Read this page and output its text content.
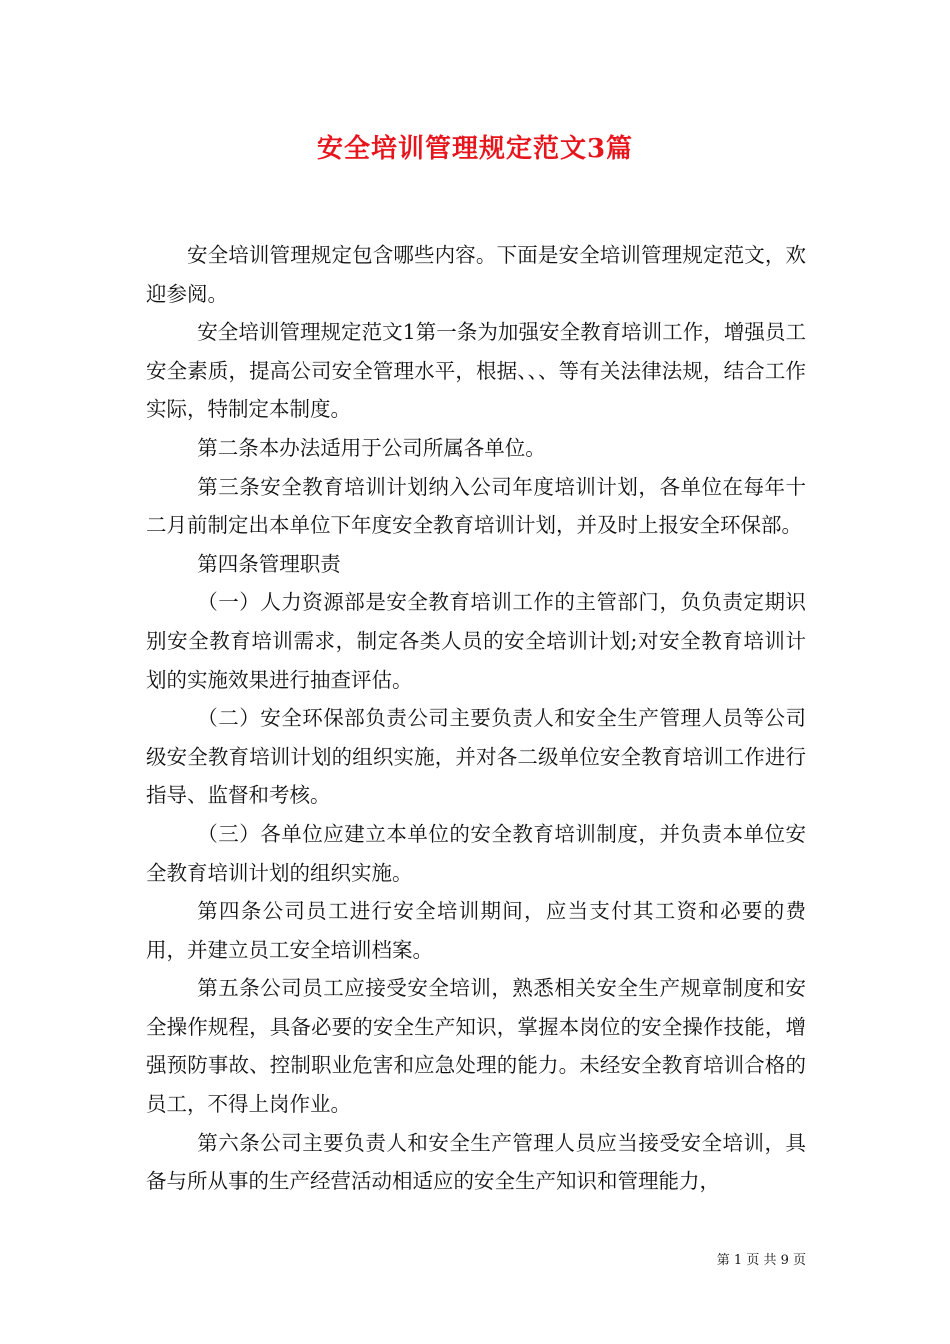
安全培训管理规定范文3篇

安全培训管理规定包含哪些内容。下面是安全培训管理规定范文，欢迎参阅。

安全培训管理规定范文1第一条为加强安全教育培训工作，增强员工安全素质，提高公司安全管理水平，根据、、、等有关法律法规，结合工作实际，特制定本制度。

第二条本办法适用于公司所属各单位。

第三条安全教育培训计划纳入公司年度培训计划，各单位在每年十二月前制定出本单位下年度安全教育培训计划，并及时上报安全环保部。

第四条管理职责

（一）人力资源部是安全教育培训工作的主管部门，负负责定期识别安全教育培训需求，制定各类人员的安全培训计划;对安全教育培训计划的实施效果进行抽查评估。

（二）安全环保部负责公司主要负责人和安全生产管理人员等公司级安全教育培训计划的组织实施，并对各二级单位安全教育培训工作进行指导、监督和考核。

（三）各单位应建立本单位的安全教育培训制度，并负责本单位安全教育培训计划的组织实施。

第四条公司员工进行安全培训期间，应当支付其工资和必要的费用，并建立员工安全培训档案。

第五条公司员工应接受安全培训，熟悉相关安全生产规章制度和安全操作规程，具备必要的安全生产知识，掌握本岗位的安全操作技能，增强预防事故、控制职业危害和应急处理的能力。未经安全教育培训合格的员工，不得上岗作业。

第六条公司主要负责人和安全生产管理人员应当接受安全培训，具备与所从事的生产经营活动相适应的安全生产知识和管理能力，

第 1 页 共 9 页
